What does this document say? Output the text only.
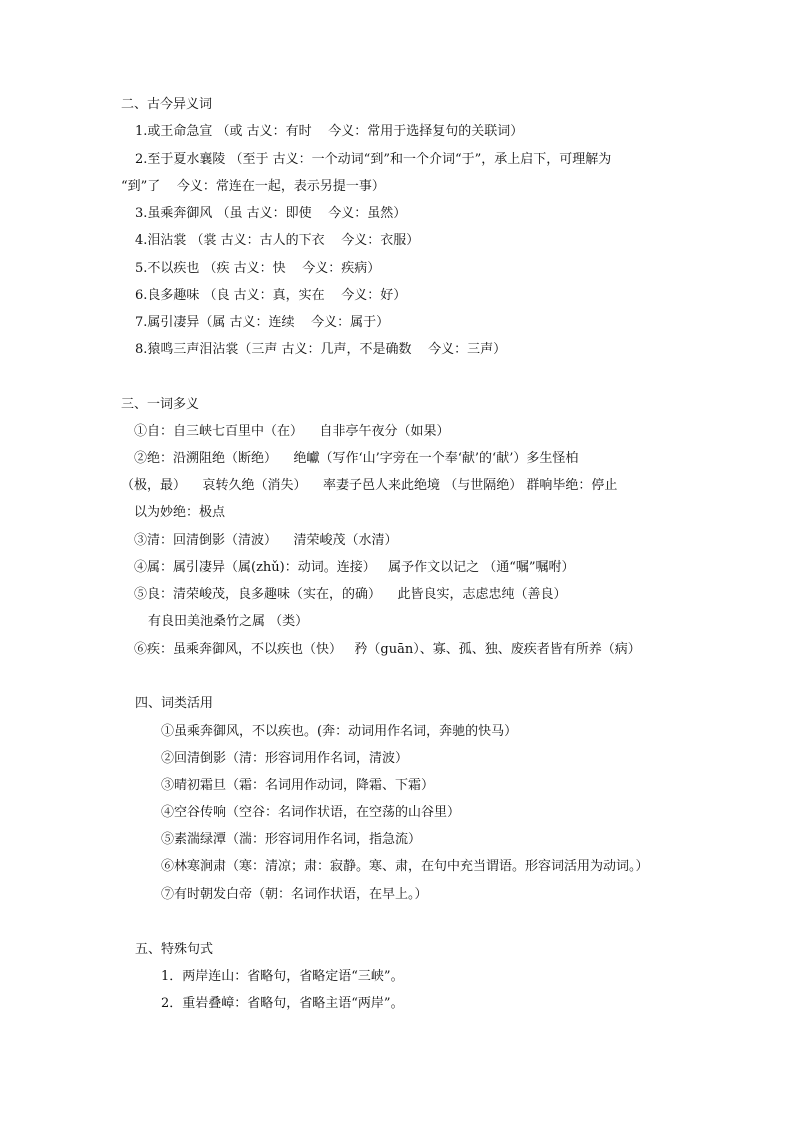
二、古今异义词

1.或王命急宣 （或 古义：有时    今义：常用于选择复句的关联词）

2.至于夏水襄陵 （至于 古义：一个动词“到”和一个介词“于”，承上启下，可理解为

“到”了    今义：常连在一起，表示另提一事）

3.虽乘奔御风 （虽 古义：即使    今义：虽然）

4.泪沾裳 （裳 古义：古人的下衣    今义：衣服）

5.不以疾也 （疾 古义：快    今义：疾病）

6.良多趣味 （良 古义：真，实在    今义：好）

7.属引凄异（属 古义：连续    今义：属于）

8.猿鸣三声泪沾裳（三声 古义：几声，不是确数    今义：三声）

三、一词多义

①自：自三峡七百里中（在）    自非亭午夜分（如果）

②绝：沿溯阻绝（断绝）    绝巘（写作‘山’字旁在一个奉‘献’的‘献’）多生怪柏

（极，最）    哀转久绝（消失）    率妻子邑人来此绝境 （与世隔绝） 群响毕绝：停止

以为妙绝：极点

③清：回清倒影（清波）    清荣峻茂（水清）

④属：属引凄异（属(zhǔ)：动词。连接）   属予作文以记之 （通“嘱”嘱咐）

⑤良：清荣峻茂，良多趣味（实在，的确）    此皆良实，志虑忠纯（善良）

有良田美池桑竹之属 （类）

⑥疾：虽乘奔御风，不以疾也（快）   矜（guān）、寡、孤、独、废疾者皆有所养（病）

四、词类活用

①虽乘奔御风，不以疾也。(奔：动词用作名词，奔驰的快马）

②回清倒影（清：形容词用作名词，清波）

③晴初霜旦（霜：名词用作动词，降霜、下霜）

④空谷传响（空谷：名词作状语，在空荡的山谷里）

⑤素湍绿潭（湍：形容词用作名词，指急流）

⑥林寒涧肃（寒：清凉；肃：寂静。寒、肃，在句中充当谓语。形容词活用为动词。）

⑦有时朝发白帝（朝：名词作状语，在早上。）

五、特殊句式

1．两岸连山：省略句，省略定语“三峡”。

2．重岩叠嶂：省略句，省略主语“两岸”。
